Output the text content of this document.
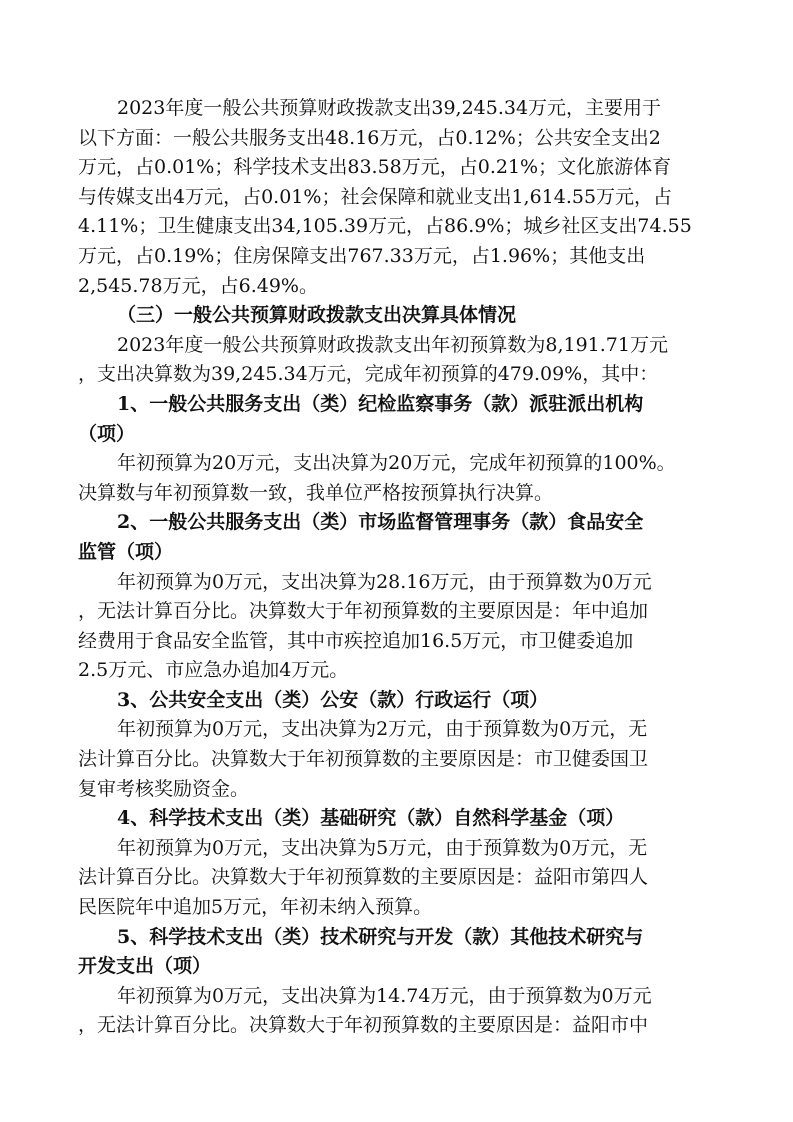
2023年度一般公共预算财政拨款支出39,245.34万元，主要用于
以下方面：一般公共服务支出48.16万元，占0.12%；公共安全支出2
万元，占0.01%；科学技术支出83.58万元，占0.21%；文化旅游体育
与传媒支出4万元，占0.01%；社会保障和就业支出1,614.55万元，占
4.11%；卫生健康支出34,105.39万元，占86.9%；城乡社区支出74.55
万元，占0.19%；住房保障支出767.33万元，占1.96%；其他支出
2,545.78万元，占6.49%。
（三）一般公共预算财政拨款支出决算具体情况
2023年度一般公共预算财政拨款支出年初预算数为8,191.71万元
，支出决算数为39,245.34万元，完成年初预算的479.09%，其中：
1、一般公共服务支出（类）纪检监察事务（款）派驻派出机构
（项）
年初预算为20万元，支出决算为20万元，完成年初预算的100%。
决算数与年初预算数一致，我单位严格按预算执行决算。
2、一般公共服务支出（类）市场监督管理事务（款）食品安全
监管（项）
年初预算为0万元，支出决算为28.16万元，由于预算数为0万元
，无法计算百分比。决算数大于年初预算数的主要原因是：年中追加
经费用于食品安全监管，其中市疾控追加16.5万元，市卫健委追加
2.5万元、市应急办追加4万元。
3、公共安全支出（类）公安（款）行政运行（项）
年初预算为0万元，支出决算为2万元，由于预算数为0万元，无
法计算百分比。决算数大于年初预算数的主要原因是：市卫健委国卫
复审考核奖励资金。
4、科学技术支出（类）基础研究（款）自然科学基金（项）
年初预算为0万元，支出决算为5万元，由于预算数为0万元，无
法计算百分比。决算数大于年初预算数的主要原因是：益阳市第四人
民医院年中追加5万元，年初未纳入预算。
5、科学技术支出（类）技术研究与开发（款）其他技术研究与
开发支出（项）
年初预算为0万元，支出决算为14.74万元，由于预算数为0万元
，无法计算百分比。决算数大于年初预算数的主要原因是：益阳市中
